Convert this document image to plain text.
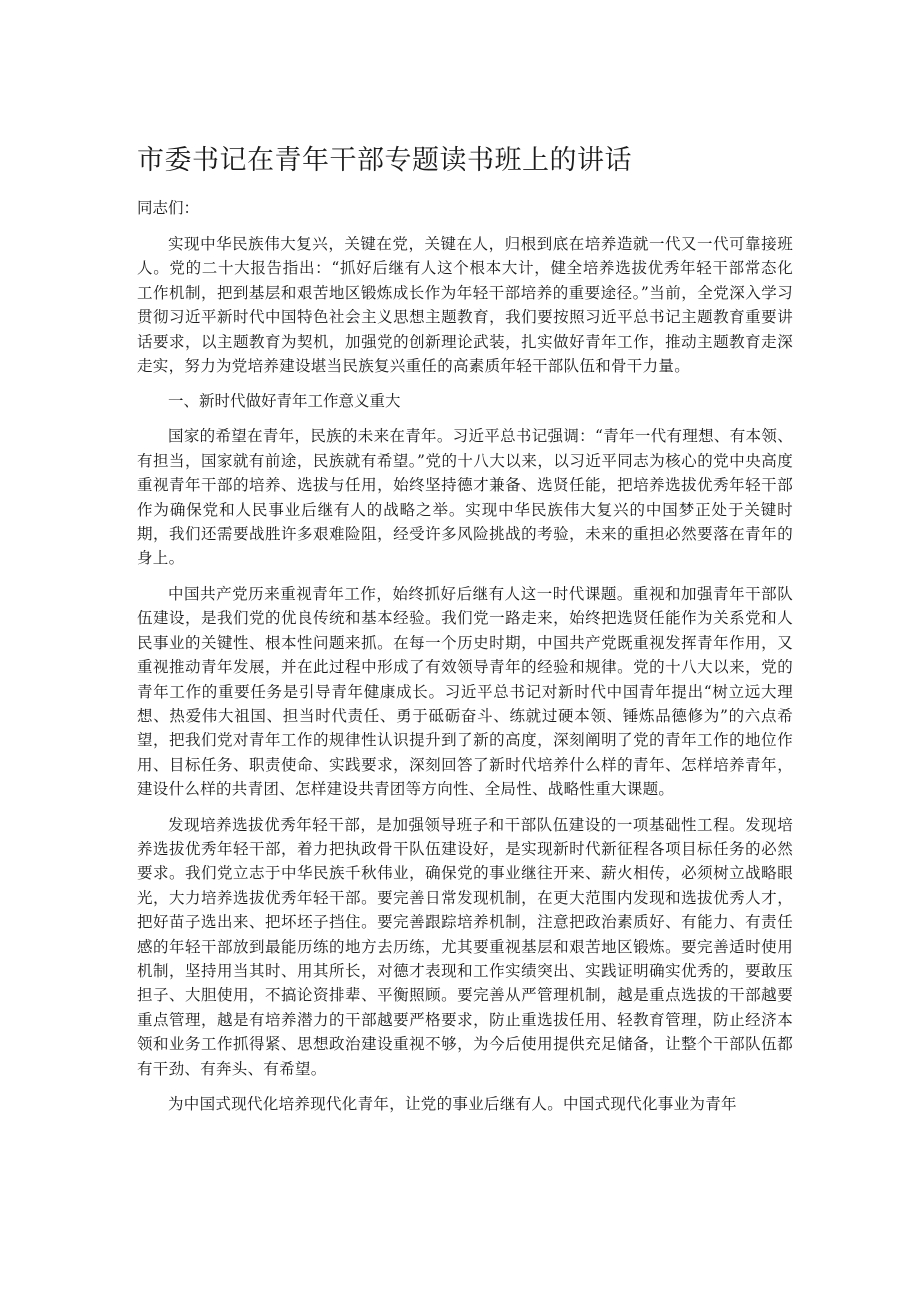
市委书记在青年干部专题读书班上的讲话

同志们：

实现中华民族伟大复兴，关键在党，关键在人，归根到底在培养造就一代又一代可靠接班人。党的二十大报告指出：“抓好后继有人这个根本大计，健全培养选拔优秀年轻干部常态化工作机制，把到基层和艰苦地区锻炼成长作为年轻干部培养的重要途径。”当前，全党深入学习贯彻习近平新时代中国特色社会主义思想主题教育，我们要按照习近平总书记主题教育重要讲话要求，以主题教育为契机，加强党的创新理论武装，扎实做好青年工作，推动主题教育走深走实，努力为党培养建设堪当民族复兴重任的高素质年轻干部队伍和骨干力量。

一、新时代做好青年工作意义重大

国家的希望在青年，民族的未来在青年。习近平总书记强调：“青年一代有理想、有本领、有担当，国家就有前途，民族就有希望。”党的十八大以来，以习近平同志为核心的党中央高度重视青年干部的培养、选拔与任用，始终坚持德才兼备、选贤任能，把培养选拔优秀年轻干部作为确保党和人民事业后继有人的战略之举。实现中华民族伟大复兴的中国梦正处于关键时期，我们还需要战胜许多艰难险阻，经受许多风险挑战的考验，未来的重担必然要落在青年的身上。

中国共产党历来重视青年工作，始终抓好后继有人这一时代课题。重视和加强青年干部队伍建设，是我们党的优良传统和基本经验。我们党一路走来，始终把选贤任能作为关系党和人民事业的关键性、根本性问题来抓。在每一个历史时期，中国共产党既重视发挥青年作用，又重视推动青年发展，并在此过程中形成了有效领导青年的经验和规律。党的十八大以来，党的青年工作的重要任务是引导青年健康成长。习近平总书记对新时代中国青年提出“树立远大理想、热爱伟大祖国、担当时代责任、勇于砥砺奋斗、练就过硬本领、锤炼品德修为”的六点希望，把我们党对青年工作的规律性认识提升到了新的高度，深刻阐明了党的青年工作的地位作用、目标任务、职责使命、实践要求，深刻回答了新时代培养什么样的青年、怎样培养青年，建设什么样的共青团、怎样建设共青团等方向性、全局性、战略性重大课题。

发现培养选拔优秀年轻干部，是加强领导班子和干部队伍建设的一项基础性工程。发现培养选拔优秀年轻干部，着力把执政骨干队伍建设好，是实现新时代新征程各项目标任务的必然要求。我们党立志于中华民族千秋伟业，确保党的事业继往开来、薪火相传，必须树立战略眼光，大力培养选拔优秀年轻干部。要完善日常发现机制，在更大范围内发现和选拔优秀人才，把好苗子选出来、把坏坯子挡住。要完善跟踪培养机制，注意把政治素质好、有能力、有责任感的年轻干部放到最能历练的地方去历练，尤其要重视基层和艰苦地区锻炼。要完善适时使用机制，坚持用当其时、用其所长，对德才表现和工作实绩突出、实践证明确实优秀的，要敢压担子、大胆使用，不搞论资排辈、平衡照顾。要完善从严管理机制，越是重点选拔的干部越要重点管理，越是有培养潜力的干部越要严格要求，防止重选拔任用、轻教育管理，防止经济本领和业务工作抓得紧、思想政治建设重视不够，为今后使用提供充足储备，让整个干部队伍都有干劲、有奔头、有希望。

为中国式现代化培养现代化青年，让党的事业后继有人。中国式现代化事业为青年
